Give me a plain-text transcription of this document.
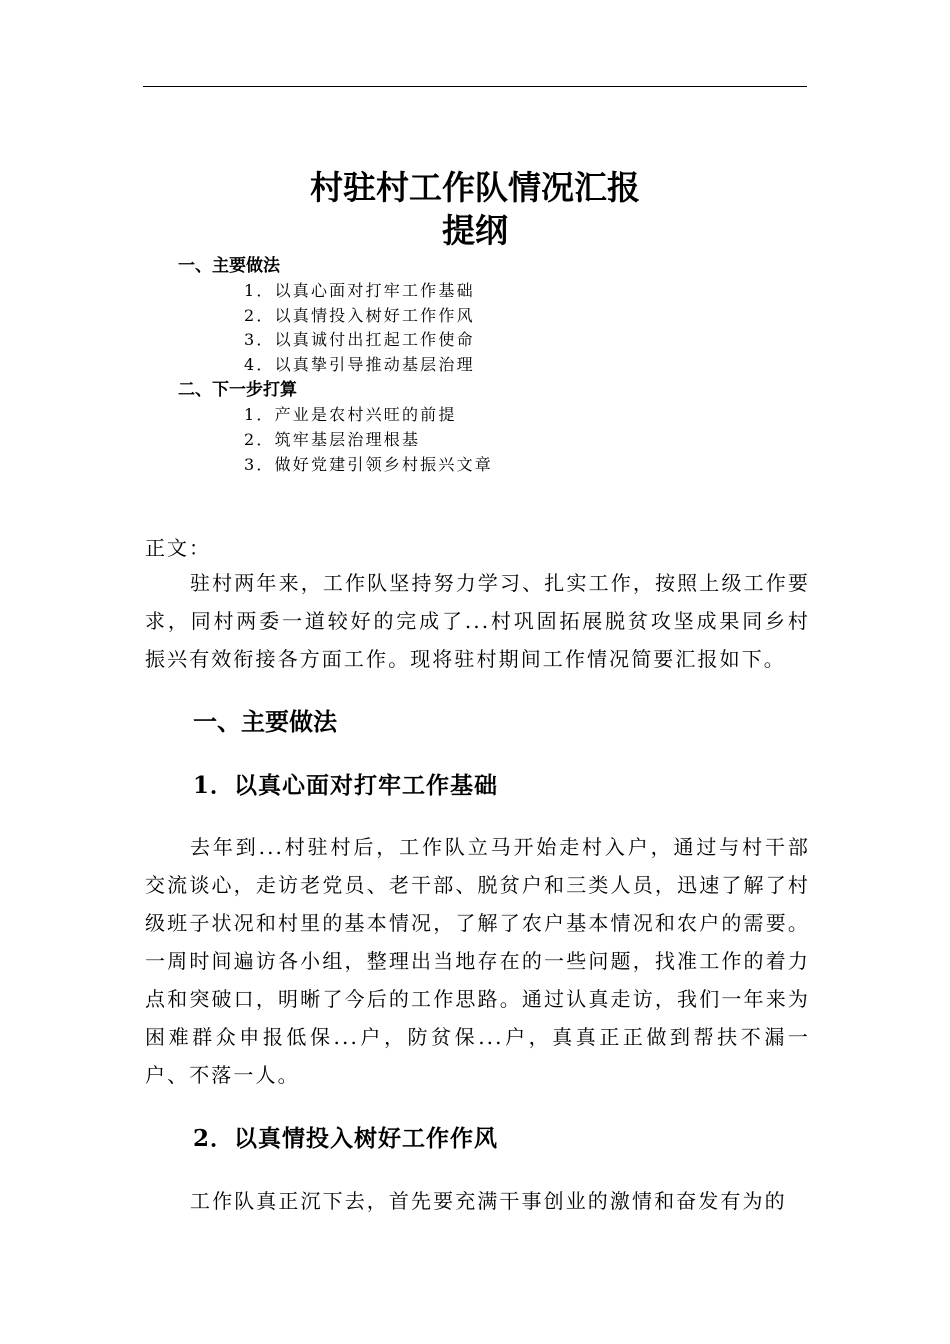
村驻村工作队情况汇报
提纲
一、主要做法
1．以真心面对打牢工作基础
2．以真情投入树好工作作风
3．以真诚付出扛起工作使命
4．以真挚引导推动基层治理
二、下一步打算
1．产业是农村兴旺的前提
2．筑牢基层治理根基
3．做好党建引领乡村振兴文章
正文：

驻村两年来，工作队坚持努力学习、扎实工作，按照上级工作要求，同村两委一道较好的完成了...村巩固拓展脱贫攻坚成果同乡村振兴有效衔接各方面工作。现将驻村期间工作情况简要汇报如下。

一、主要做法
1．以真心面对打牢工作基础

去年到...村驻村后，工作队立马开始走村入户，通过与村干部交流谈心，走访老党员、老干部、脱贫户和三类人员，迅速了解了村级班子状况和村里的基本情况，了解了农户基本情况和农户的需要。一周时间遍访各小组，整理出当地存在的一些问题，找准工作的着力点和突破口，明晰了今后的工作思路。通过认真走访，我们一年来为困难群众申报低保...户，防贫保...户，真真正正做到帮扶不漏一户、不落一人。

2．以真情投入树好工作作风

工作队真正沉下去，首先要充满干事创业的激情和奋发有为的
